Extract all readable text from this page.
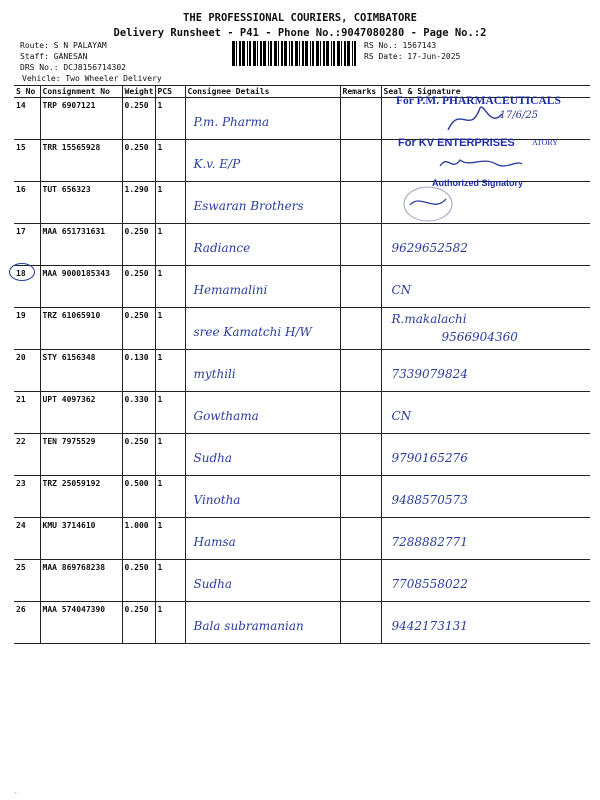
THE PROFESSIONAL COURIERS, COIMBATORE
Delivery Runsheet - P41 - Phone No.:9047080280 - Page No.:2
Route: S N PALAYAM
Staff: GANESAN
DRS No.: DCJ8156714302
Vehicle: Two Wheeler Delivery
RS No.: 1567143
RS Date: 17-Jun-2025
S No	Consignment No	Weight	PCS	Consignee Details	Remarks	Seal & Signature
14	TRP 6907121	0.250	1	P.m. Pharma		17/6/25

15	TRR 15565928	0.250	1	K.v. E/P		

16	TUT 656323	1.290	1	Eswaran Brothers		

17	MAA 651731631	0.250	1	Radiance		9629652582

18	MAA 9000185343	0.250	1	Hemamalini		CN

19	TRZ 61065910	0.250	1	sree Kamatchi H/W		R.makalachi
9566904360

20	STY 6156348	0.130	1	mythili		7339079824

21	UPT 4097362	0.330	1	Gowthama		CN

22	TEN 7975529	0.250	1	Sudha		9790165276

23	TRZ 25059192	0.500	1	Vinotha		9488570573

24	KMU 3714610	1.000	1	Hamsa		7288882771

25	MAA 869768238	0.250	1	Sudha		7708558022

26	MAA 574047390	0.250	1	Bala subramanian		9442173131
For P.M. PHARMACEUTICALS
For KV ENTERPRISES ATORY
Authorized Signatory
·
